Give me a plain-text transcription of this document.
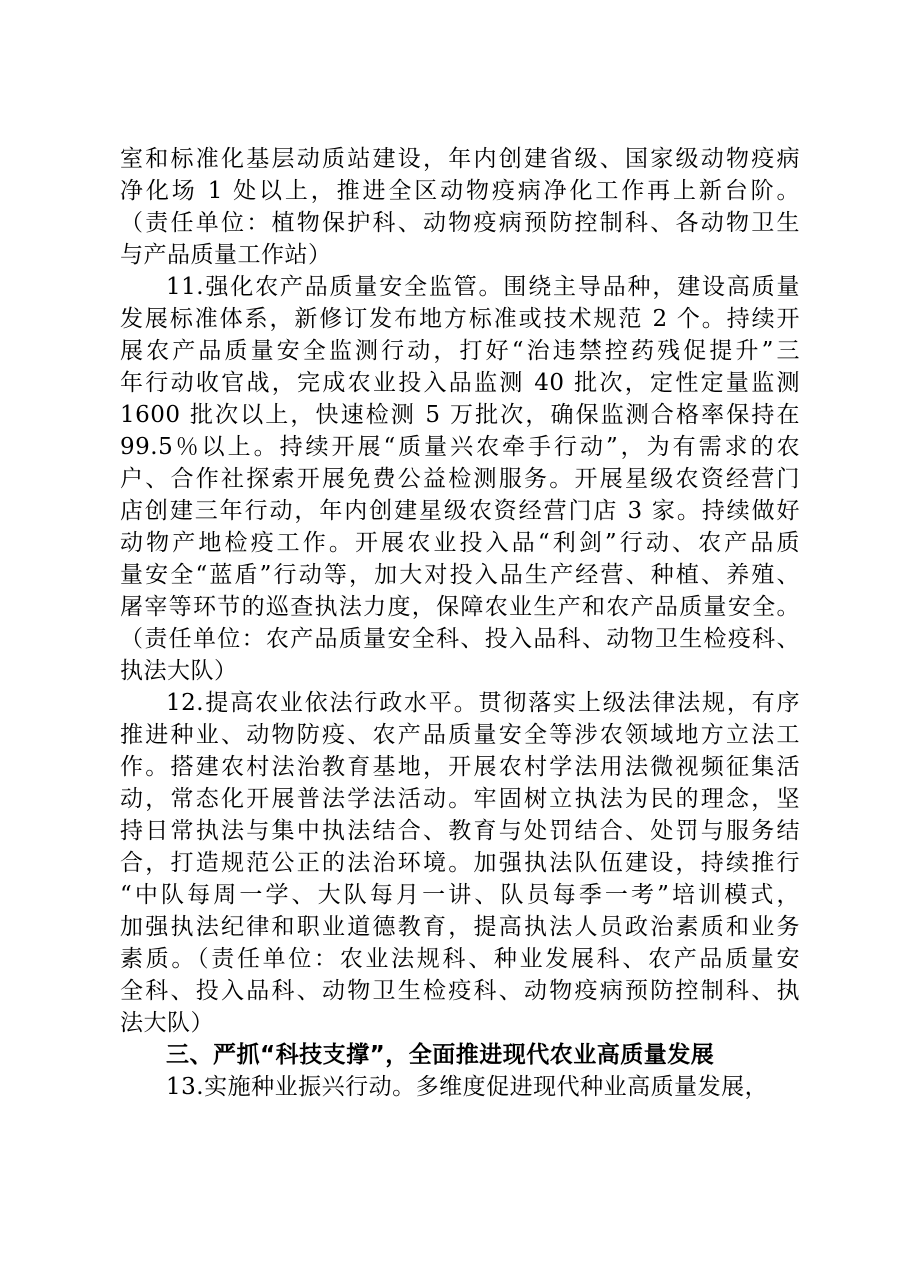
室和标准化基层动质站建设，年内创建省级、国家级动物疫病
净化场 1 处以上，推进全区动物疫病净化工作再上新台阶。
（责任单位：植物保护科、动物疫病预防控制科、各动物卫生
与产品质量工作站）
11.强化农产品质量安全监管。围绕主导品种，建设高质量
发展标准体系，新修订发布地方标准或技术规范 2 个。持续开
展农产品质量安全监测行动，打好“治违禁控药残促提升”三
年行动收官战，完成农业投入品监测 40 批次，定性定量监测
1600 批次以上，快速检测 5 万批次，确保监测合格率保持在
99.5％以上。持续开展“质量兴农牵手行动”，为有需求的农
户、合作社探索开展免费公益检测服务。开展星级农资经营门
店创建三年行动，年内创建星级农资经营门店 3 家。持续做好
动物产地检疫工作。开展农业投入品“利剑”行动、农产品质
量安全“蓝盾”行动等，加大对投入品生产经营、种植、养殖、
屠宰等环节的巡查执法力度，保障农业生产和农产品质量安全。
（责任单位：农产品质量安全科、投入品科、动物卫生检疫科、
执法大队）
12.提高农业依法行政水平。贯彻落实上级法律法规，有序
推进种业、动物防疫、农产品质量安全等涉农领域地方立法工
作。搭建农村法治教育基地，开展农村学法用法微视频征集活
动，常态化开展普法学法活动。牢固树立执法为民的理念，坚
持日常执法与集中执法结合、教育与处罚结合、处罚与服务结
合，打造规范公正的法治环境。加强执法队伍建设，持续推行
“中队每周一学、大队每月一讲、队员每季一考”培训模式，
加强执法纪律和职业道德教育，提高执法人员政治素质和业务
素质。（责任单位：农业法规科、种业发展科、农产品质量安
全科、投入品科、动物卫生检疫科、动物疫病预防控制科、执
法大队）
三、严抓“科技支撑”，全面推进现代农业高质量发展
13.实施种业振兴行动。多维度促进现代种业高质量发展，
